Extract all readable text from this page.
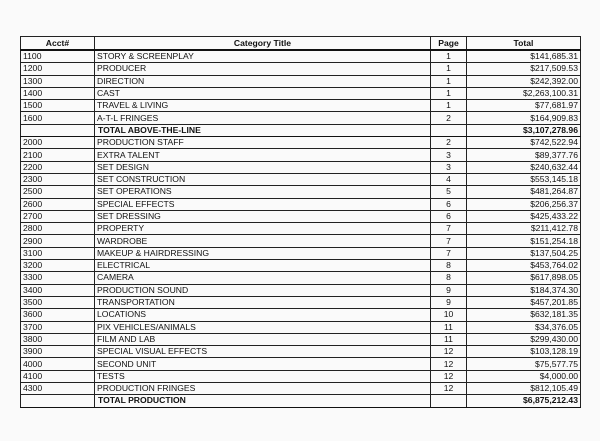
Acct#	Category Title	Page	Total
1100	STORY & SCREENPLAY	1	$141,685.31
1200	PRODUCER	1	$217,509.53
1300	DIRECTION	1	$242,392.00
1400	CAST	1	$2,263,100.31
1500	TRAVEL & LIVING	1	$77,681.97
1600	A-T-L FRINGES	2	$164,909.83
	TOTAL ABOVE-THE-LINE		$3,107,278.96
2000	PRODUCTION STAFF	2	$742,522.94
2100	EXTRA TALENT	3	$89,377.76
2200	SET DESIGN	3	$240,632.44
2300	SET CONSTRUCTION	4	$553,145.18
2500	SET OPERATIONS	5	$481,264.87
2600	SPECIAL EFFECTS	6	$206,256.37
2700	SET DRESSING	6	$425,433.22
2800	PROPERTY	7	$211,412.78
2900	WARDROBE	7	$151,254.18
3100	MAKEUP & HAIRDRESSING	7	$137,504.25
3200	ELECTRICAL	8	$453,764.02
3300	CAMERA	8	$617,898.05
3400	PRODUCTION SOUND	9	$184,374.30
3500	TRANSPORTATION	9	$457,201.85
3600	LOCATIONS	10	$632,181.35
3700	PIX VEHICLES/ANIMALS	11	$34,376.05
3800	FILM AND LAB	11	$299,430.00
3900	SPECIAL VISUAL EFFECTS	12	$103,128.19
4000	SECOND UNIT	12	$75,577.75
4100	TESTS	12	$4,000.00
4300	PRODUCTION FRINGES	12	$812,105.49
	TOTAL PRODUCTION		$6,875,212.43
